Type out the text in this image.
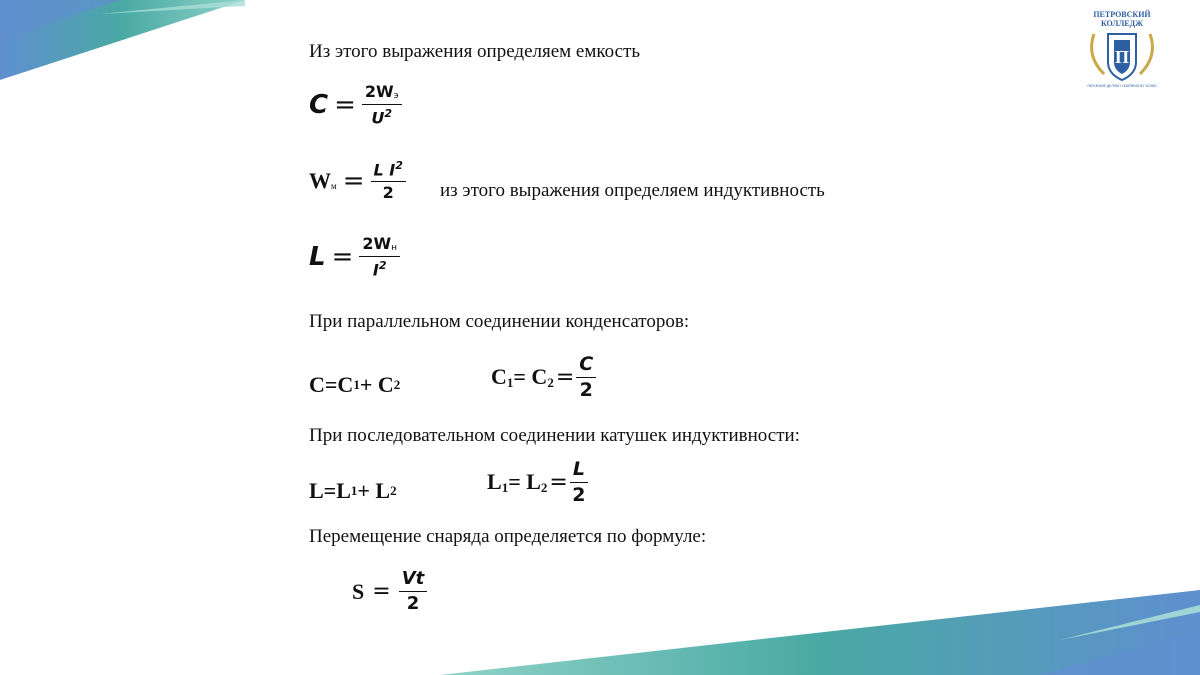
ПЕТРОВСКИЙ
КОЛЛЕДЖ
П
ОБУЧЕНИЕ ДЕЛОМ / LEARNING BY DOING
Из этого выражения определяем емкость
$C = \frac{2Wэ}{U^2}$
Wм = $\frac{L I^2}{2}$ из этого выражения определяем индуктивность
$L = \frac{2Wн}{I^2}$
При параллельном соединении конденсаторов:
C=C 1 + C 2	$C1= C2 = \frac{C}{2}$
При последовательном соединении катушек индуктивности:
L=L 1 + L 2	$L1= L2 = \frac{L}{2}$
Перемещение снаряда определяется по формуле:
$S = \frac{Vt}{2}$
